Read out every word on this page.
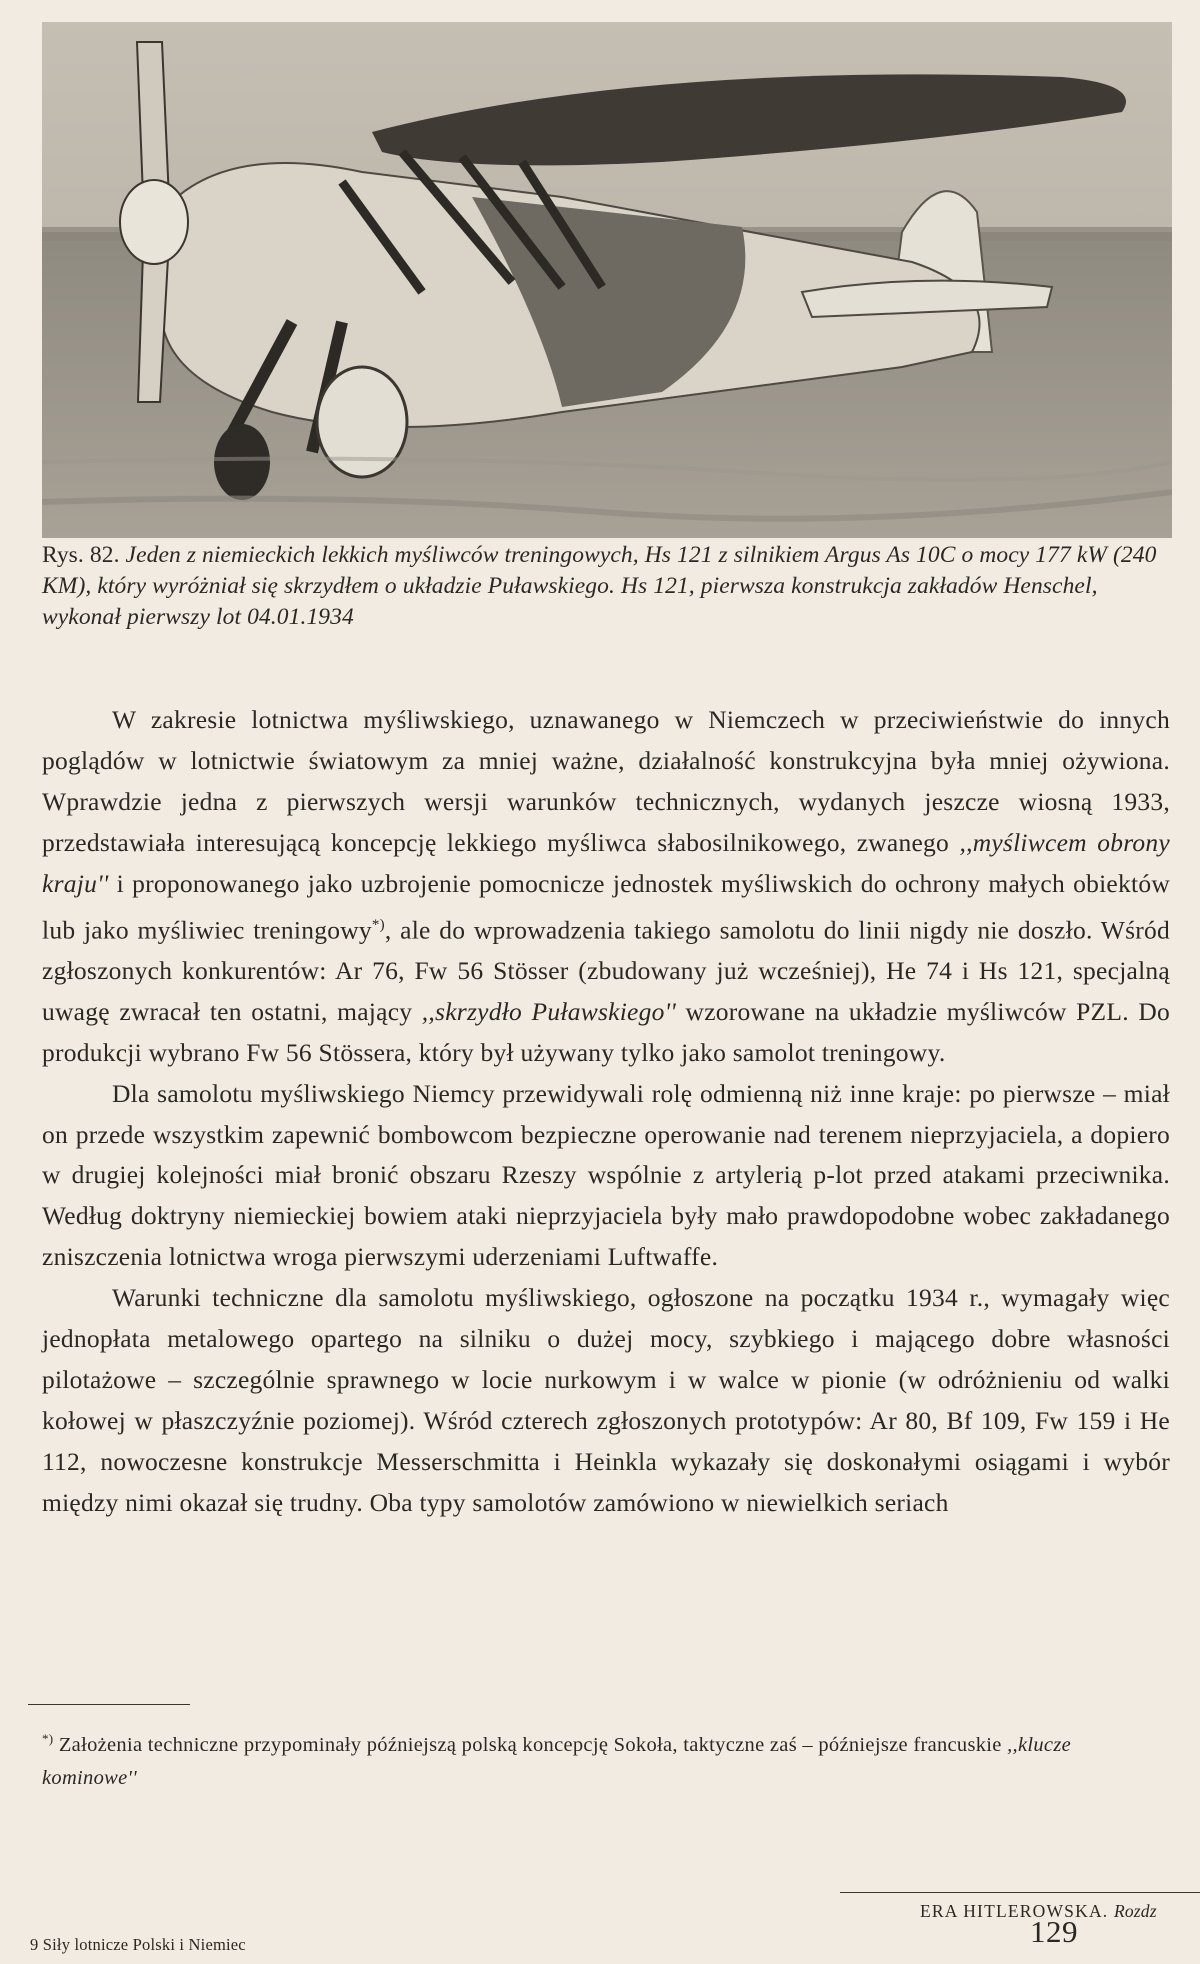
Rys. 82. Jeden z niemieckich lekkich myśliwców treningowych, Hs 121 z silnikiem Argus As 10C o mocy 177 kW (240 KM), który wyróżniał się skrzydłem o układzie Puławskiego. Hs 121, pierwsza konstrukcja zakładów Henschel, wykonał pierwszy lot 04.01.1934

W zakresie lotnictwa myśliwskiego, uznawanego w Niemczech w przeciwieństwie do innych poglądów w lotnictwie światowym za mniej ważne, działalność konstrukcyjna była mniej ożywiona. Wprawdzie jedna z pierwszych wersji warunków technicznych, wydanych jeszcze wiosną 1933, przedstawiała interesującą koncepcję lekkiego myśliwca słabosilnikowego, zwanego ,,myśliwcem obrony kraju'' i proponowanego jako uzbrojenie pomocnicze jednostek myśliwskich do ochrony małych obiektów lub jako myśliwiec treningowy*), ale do wprowadzenia takiego samolotu do linii nigdy nie doszło. Wśród zgłoszonych konkurentów: Ar 76, Fw 56 Stösser (zbudowany już wcześniej), He 74 i Hs 121, specjalną uwagę zwracał ten ostatni, mający ,,skrzydło Puławskiego'' wzorowane na układzie myśliwców PZL. Do produkcji wybrano Fw 56 Stössera, który był używany tylko jako samolot treningowy.

Dla samolotu myśliwskiego Niemcy przewidywali rolę odmienną niż inne kraje: po pierwsze – miał on przede wszystkim zapewnić bombowcom bezpieczne operowanie nad terenem nieprzyjaciela, a dopiero w drugiej kolejności miał bronić obszaru Rzeszy wspólnie z artylerią p-lot przed atakami przeciwnika. Według doktryny niemieckiej bowiem ataki nieprzyjaciela były mało prawdopodobne wobec zakładanego zniszczenia lotnictwa wroga pierwszymi uderzeniami Luftwaffe.

Warunki techniczne dla samolotu myśliwskiego, ogłoszone na początku 1934 r., wymagały więc jednopłata metalowego opartego na silniku o dużej mocy, szybkiego i mającego dobre własności pilotażowe – szczególnie sprawnego w locie nurkowym i w walce w pionie (w odróżnieniu od walki kołowej w płaszczyźnie poziomej). Wśród czterech zgłoszonych prototypów: Ar 80, Bf 109, Fw 159 i He 112, nowoczesne konstrukcje Messerschmitta i Heinkla wykazały się doskonałymi osiągami i wybór między nimi okazał się trudny. Oba typy samolotów zamówiono w niewielkich seriach

*) Założenia techniczne przypominały późniejszą polską koncepcję Sokoła, taktyczne zaś – późniejsze francuskie ,,klucze kominowe''
ERA HITLEROWSKA. Rozdz
9 Siły lotnicze Polski i Niemiec	129
